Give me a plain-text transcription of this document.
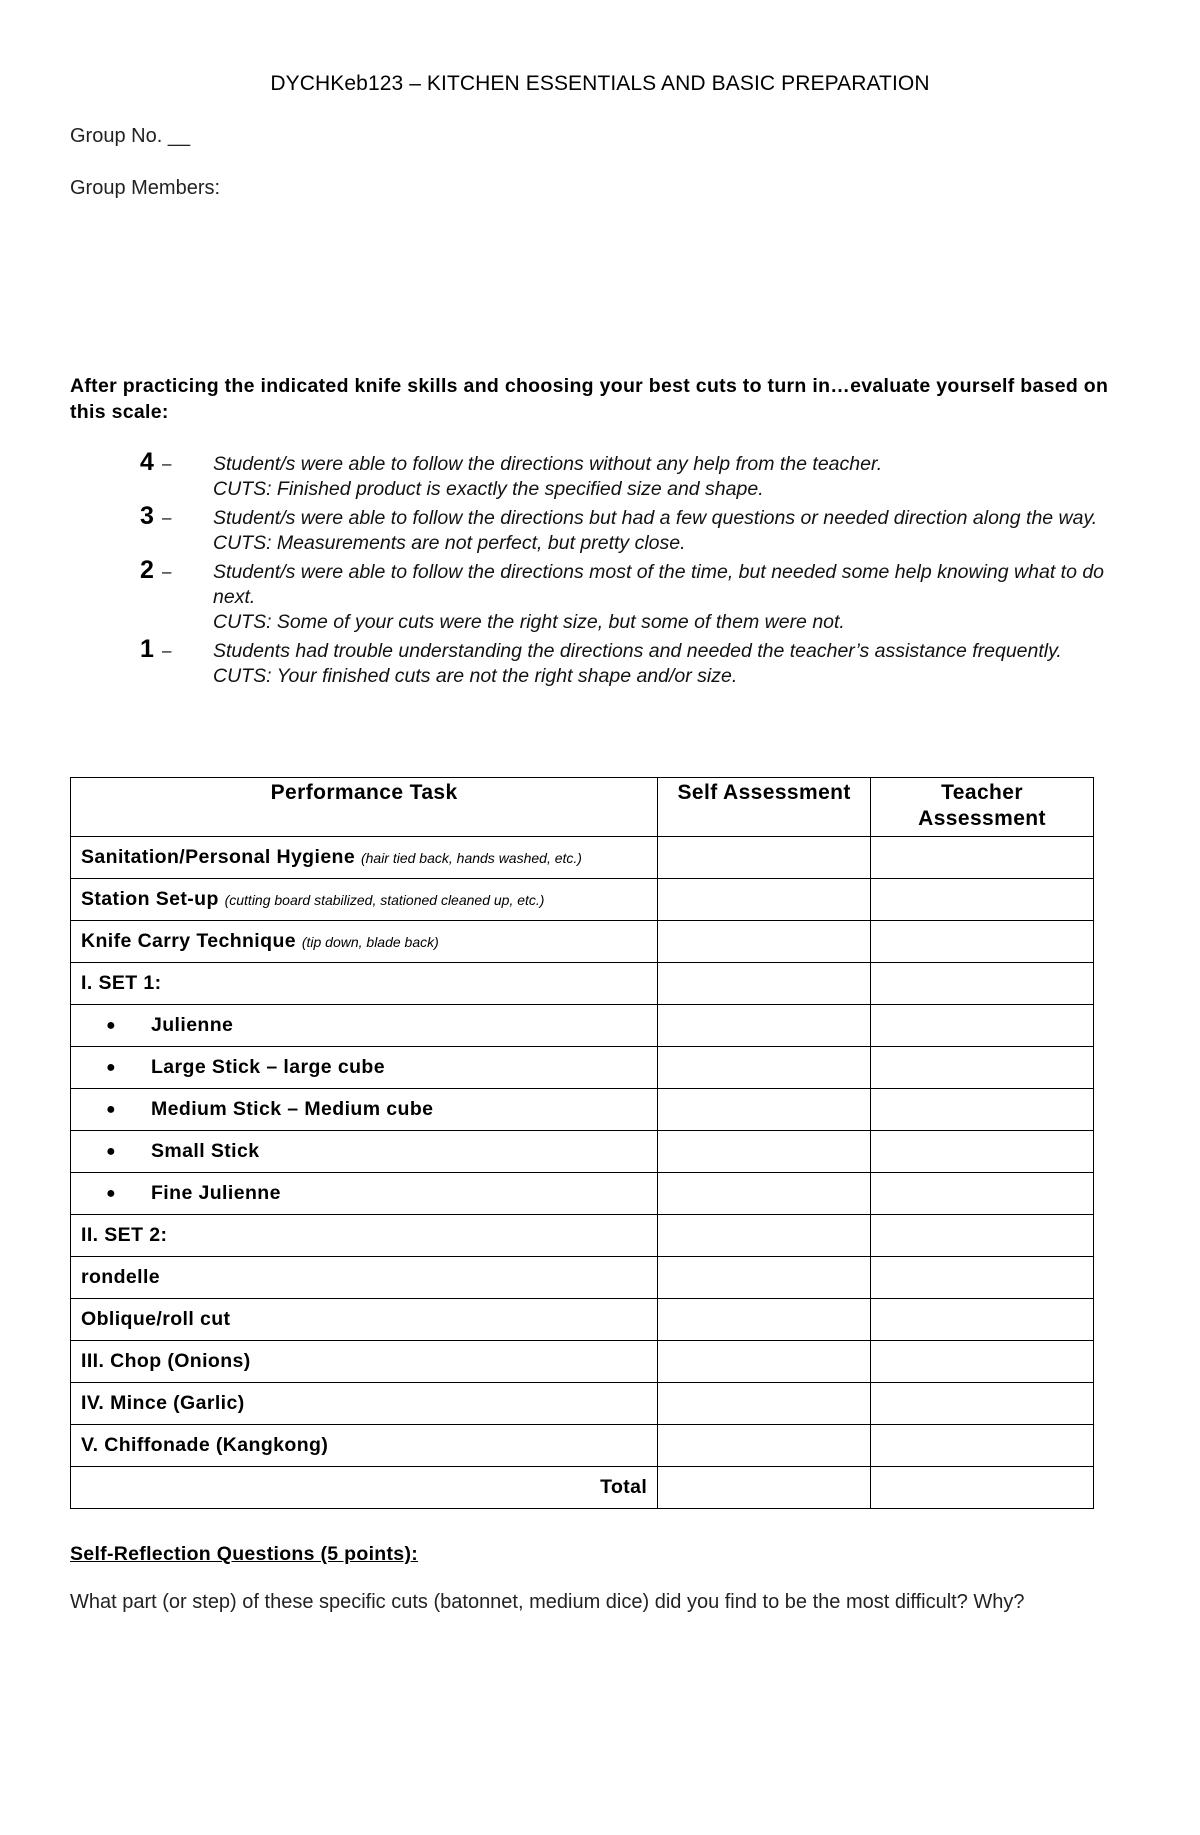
DYCHKeb123 – KITCHEN ESSENTIALS AND BASIC PREPARATION
Group No. __
Group Members:
After practicing the indicated knife skills and choosing your best cuts to turn in…evaluate yourself based on this scale:
4 – Student/s were able to follow the directions without any help from the teacher.
CUTS: Finished product is exactly the specified size and shape.
3 – Student/s were able to follow the directions but had a few questions or needed direction along the way.
CUTS: Measurements are not perfect, but pretty close.
2 – Student/s were able to follow the directions most of the time, but needed some help knowing what to do next.
CUTS: Some of your cuts were the right size, but some of them were not.
1 – Students had trouble understanding the directions and needed the teacher’s assistance frequently.
CUTS: Your finished cuts are not the right shape and/or size.
Performance Task	Self Assessment	Teacher Assessment
Sanitation/Personal Hygiene (hair tied back, hands washed, etc.)		
Station Set-up (cutting board stabilized, stationed cleaned up, etc.)		
Knife Carry Technique (tip down, blade back)		
I. SET 1:		
● Julienne		
● Large Stick – large cube		
● Medium Stick – Medium cube		
● Small Stick		
● Fine Julienne		
II. SET 2:		
rondelle		
Oblique/roll cut		
III. Chop (Onions)		
IV. Mince (Garlic)		
V. Chiffonade (Kangkong)		
Total		
Self-Reflection Questions (5 points):
What part (or step) of these specific cuts (batonnet, medium dice) did you find to be the most difficult? Why?
